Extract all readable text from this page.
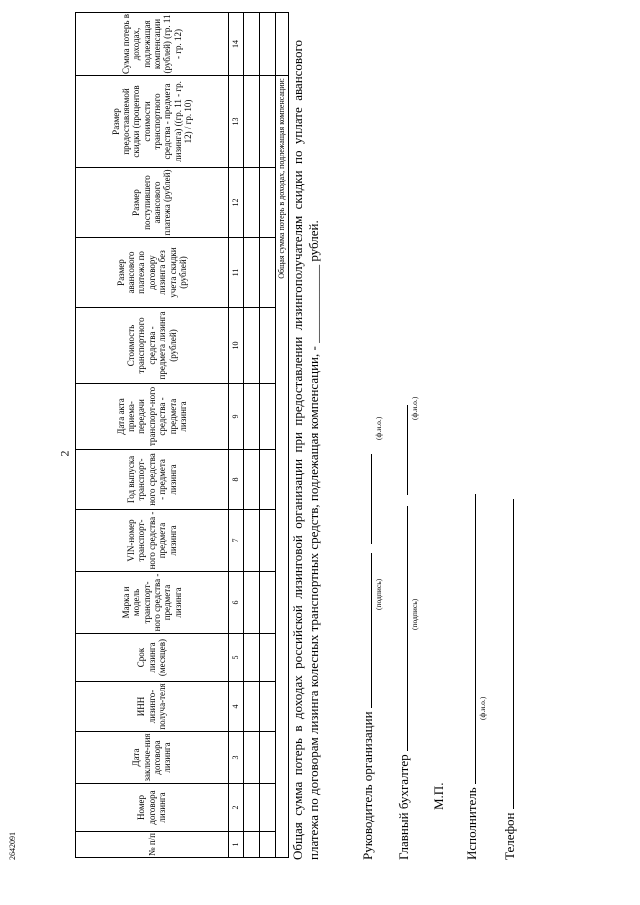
2
№ п/п	Номер договора лизинга	Дата заключе-ния договора лизинга	ИНН лизинго-получа-теля	Срок лизинга (месяцев)	Марка и модель транспорт-ного средства - предмета лизинга	VIN-номер транспорт-ного средства - предмета лизинга	Год выпуска транспорт-ного средства - предмета лизинга	Дата акта приема-передачи транспорт-ного средства - предмета лизинга	Стоимость транспортного средства - предмета лизинга (рублей)	Размер авансового платежа по договору лизинга без учета скидки (рублей)	Размер поступившего авансового платежа (рублей)	Размер предоставляемой скидки (процентов стоимости транспортного средства - предмета лизинга) ((гр. 11 - гр. 12) / гр. 10)	Сумма потерь в доходах, подлежащая компенсации (рублей) (гр. 11 - гр. 12)
1	2	3	4	5	6	7	8	9	10	11	12	13	14

Общая сумма потерь в доходах, подлежащая компенсации:													Общая сумма потерь в доходах российской лизинговой организации при предоставлении лизингополучателям скидки по уплате авансового платежа по договорам лизинга колесных транспортных средств, подлежащая компенсации, - ____________ рублей.	Руководитель организации
(подпись)
(ф.и.о.)
Главный бухгалтер
(подпись)
(ф.и.о.)
М.П. Исполнитель
(ф.и.о.)
Телефон
2642091
